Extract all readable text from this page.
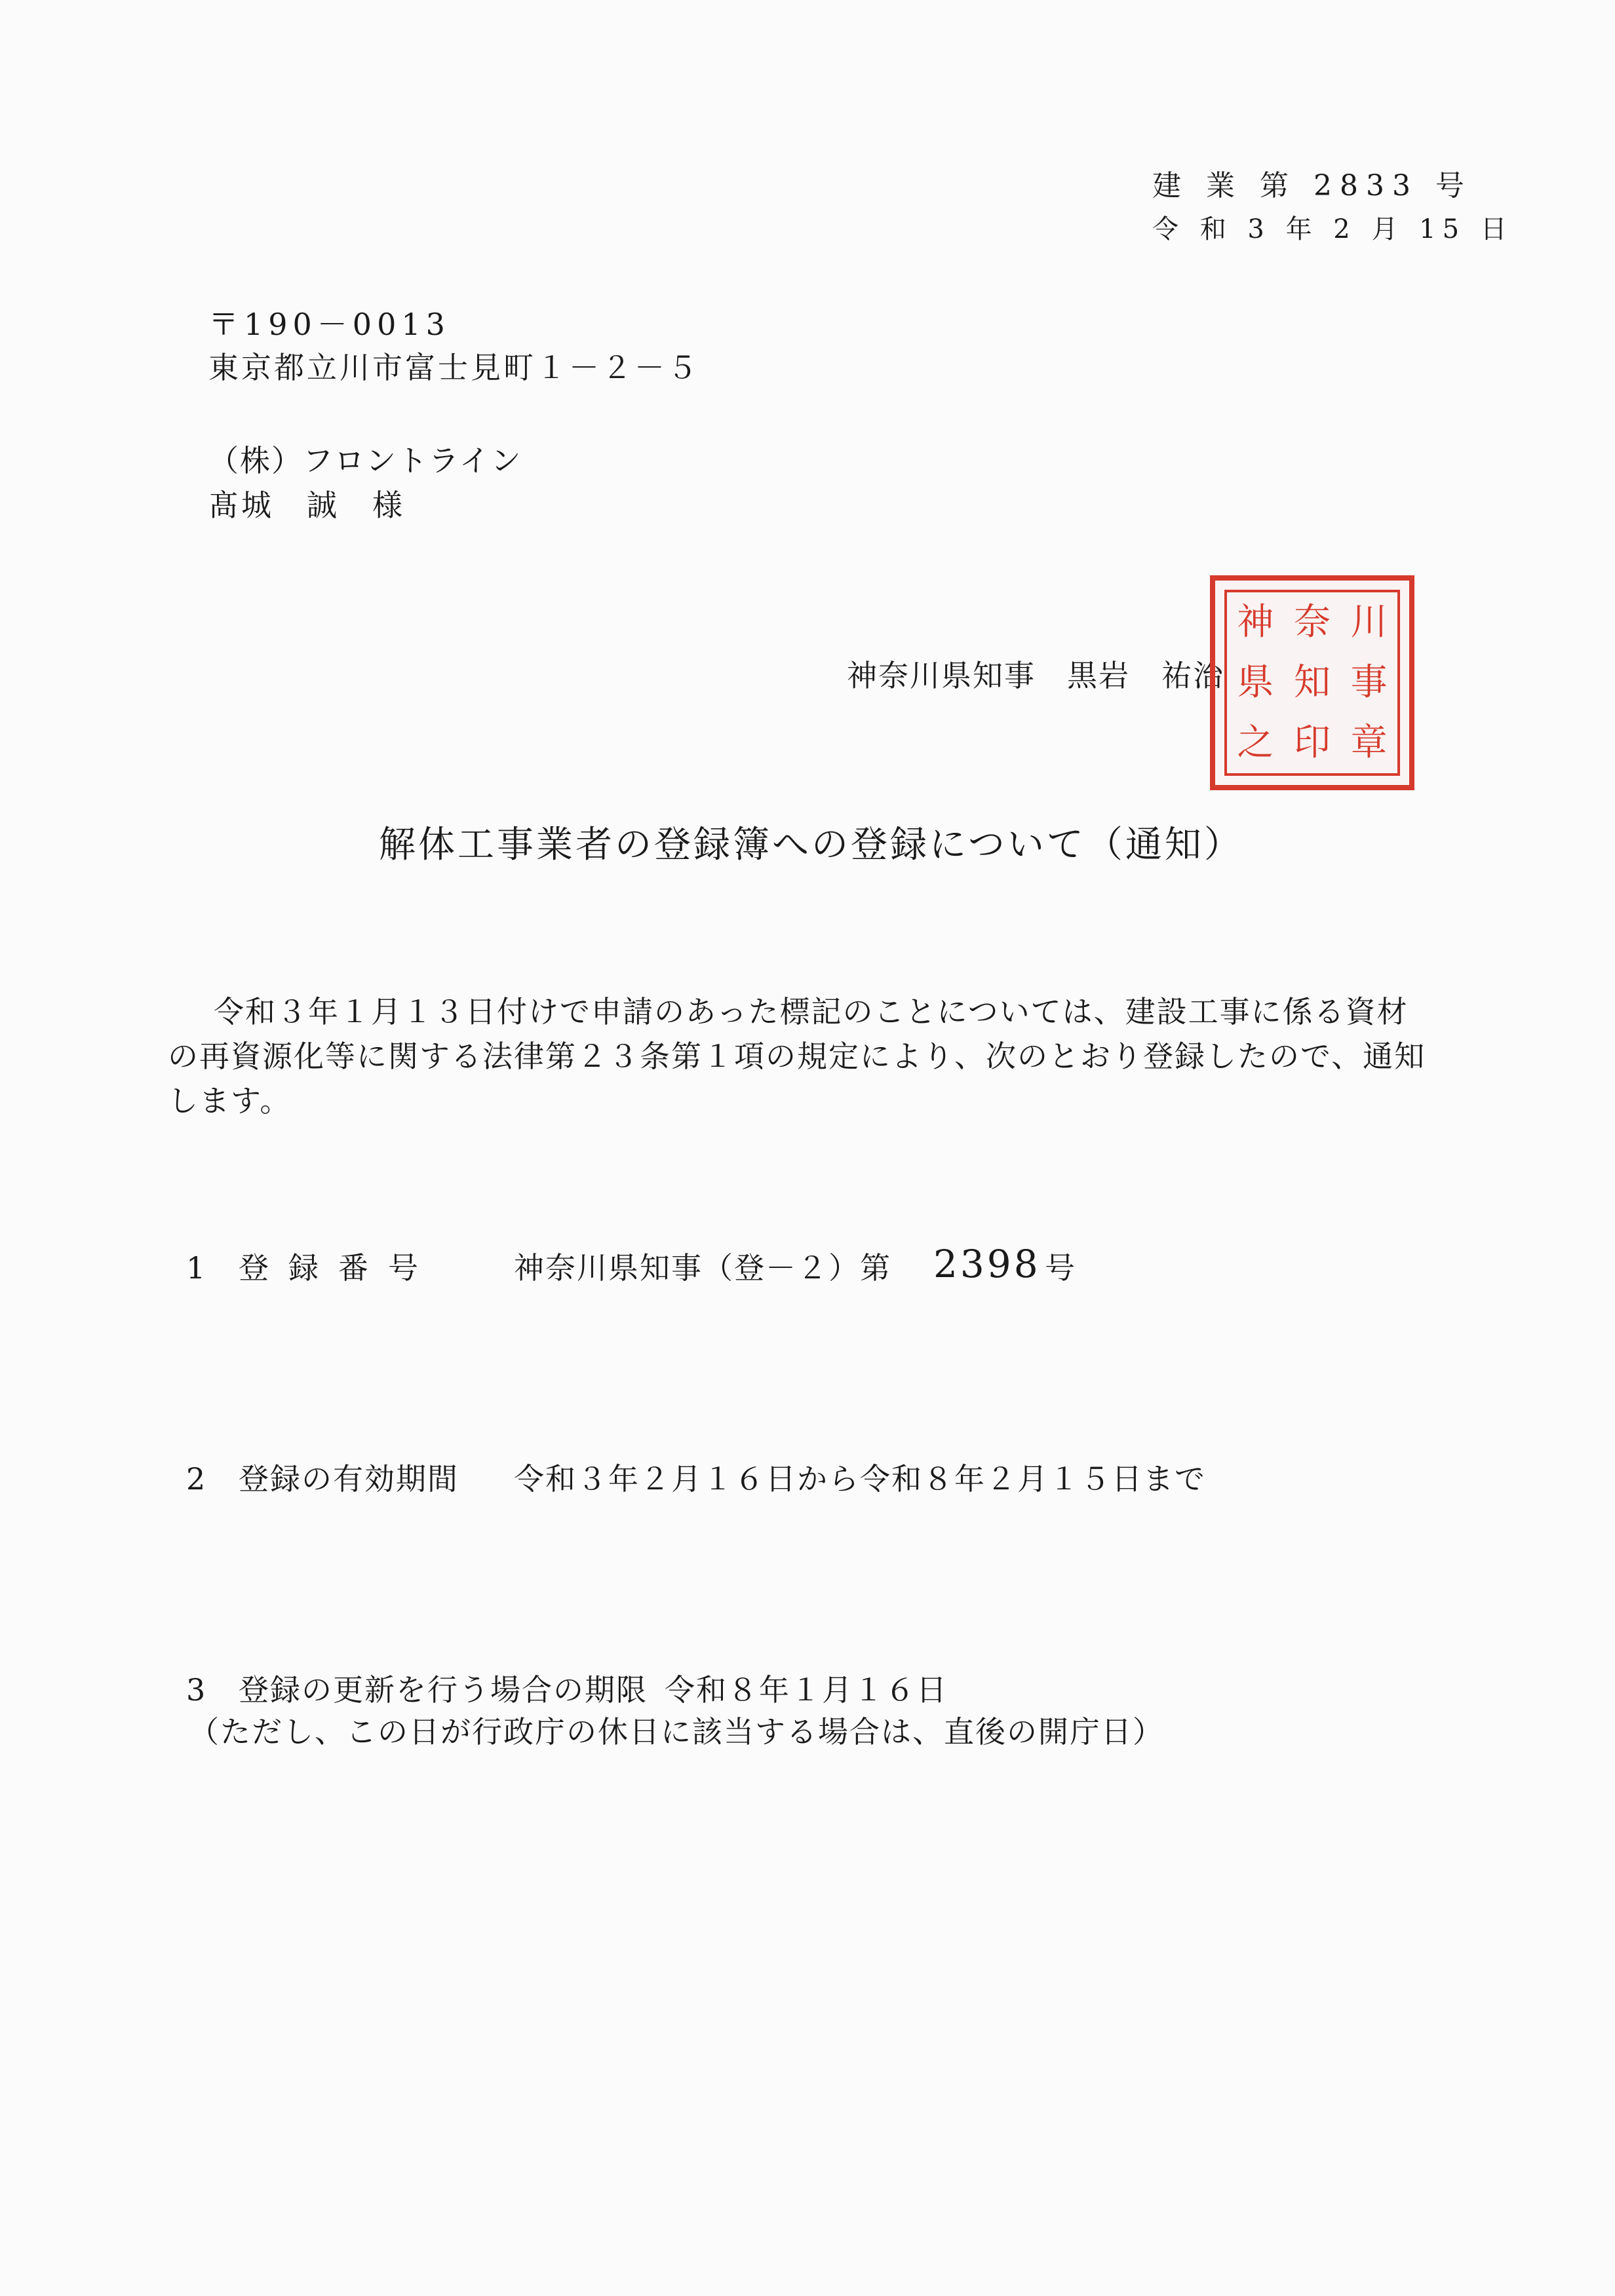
建 業 第 2833 号
令 和 3 年 2 月 15 日
〒190－0013
東京都立川市富士見町１－２－５
（株）フロントライン
髙城　誠　様
神奈川県知事　黒岩　祐治
神 奈 川
県 知 事
之 印 章
解体工事業者の登録簿への登録について（通知）
令和３年１月１３日付けで申請のあった標記のことについては、建設工事に係る資材の再資源化等に関する法律第２３条第１項の規定により、次のとおり登録したので、通知します。
1 登録番号	神奈川県知事（登－２）第 2398 号
2 登録の有効期間 令和３年２月１６日から令和８年２月１５日まで
3 登録の更新を行う場合の期限 令和８年１月１６日
（ただし、この日が行政庁の休日に該当する場合は、直後の開庁日）
